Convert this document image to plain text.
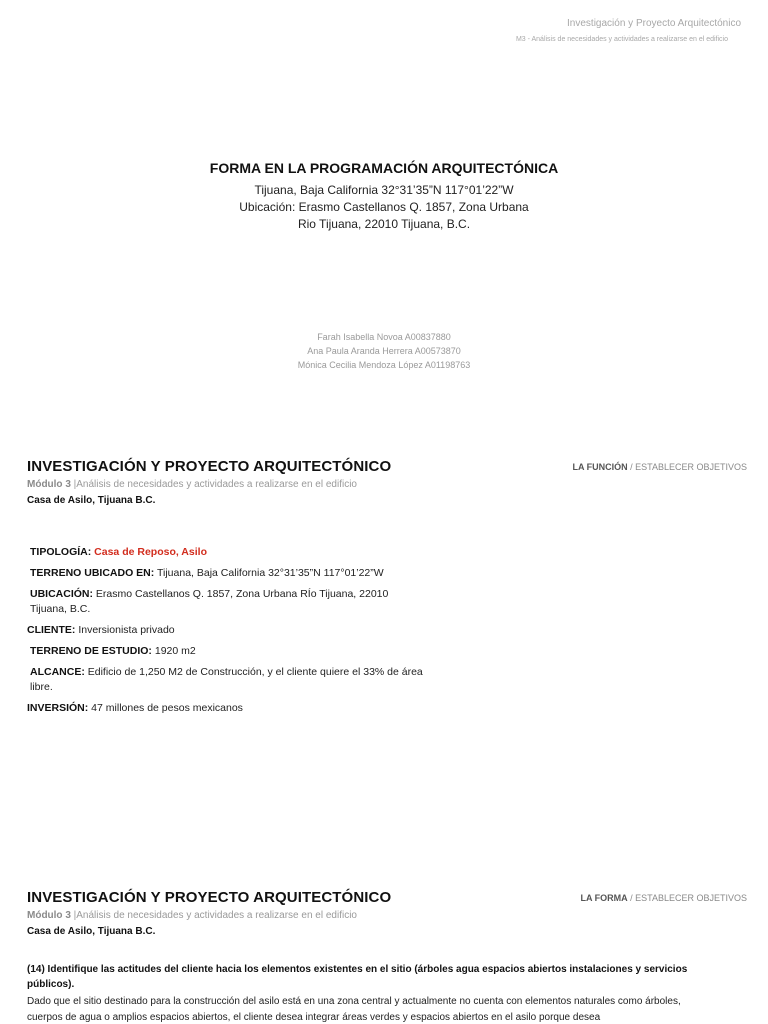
Investigación y Proyecto Arquitectónico
M3 - Análisis de necesidades y actividades a realizarse en el edificio
FORMA EN LA PROGRAMACIÓN ARQUITECTÓNICA
Tijuana, Baja California 32°31’35”N 117°01’22”W
Ubicación: Erasmo Castellanos Q. 1857, Zona Urbana
Rio Tijuana, 22010 Tijuana, B.C.
Farah Isabella Novoa A00837880
Ana Paula Aranda Herrera A00573870
Mónica Cecilia Mendoza López A01198763
INVESTIGACIÓN Y PROYECTO ARQUITECTÓNICO	LA FUNCIÓN / ESTABLECER OBJETIVOS
Módulo 3 |Análisis de necesidades y actividades a realizarse en el edificio
Casa de Asilo, Tijuana B.C.
TIPOLOGÍA: Casa de Reposo, Asilo
TERRENO UBICADO EN: Tijuana, Baja California 32°31’35”N 117°01’22”W
UBICACIÓN: Erasmo Castellanos Q. 1857, Zona Urbana RÍo Tijuana, 22010 Tijuana, B.C.
CLIENTE: Inversionista privado
TERRENO DE ESTUDIO: 1920 m2
ALCANCE: Edificio de 1,250 M2 de Construcción, y el cliente quiere el 33% de área libre.
INVERSIÓN: 47 millones de pesos mexicanos
INVESTIGACIÓN Y PROYECTO ARQUITECTÓNICO	LA FORMA / ESTABLECER OBJETIVOS
Módulo 3 |Análisis de necesidades y actividades a realizarse en el edificio
Casa de Asilo, Tijuana B.C.
(14) Identifique las actitudes del cliente hacia los elementos existentes en el sitio (árboles agua espacios abiertos instalaciones y servicios públicos).
Dado que el sitio destinado para la construcción del asilo está en una zona central y actualmente no cuenta con elementos naturales como árboles, cuerpos de agua o amplios espacios abiertos, el cliente desea integrar áreas verdes y espacios abiertos en el asilo porque desea
